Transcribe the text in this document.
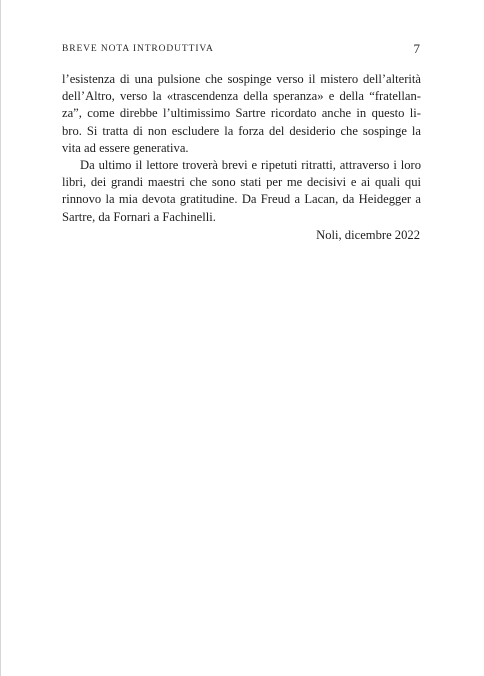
BREVE NOTA INTRODUTTIVA	7
l’esistenza di una pulsione che sospinge verso il mistero dell’alterità
dell’Altro, verso la «trascendenza della speranza» e della “fratellan-
za”, come direbbe l’ultimissimo Sartre ricordato anche in questo li-
bro. Si tratta di non escludere la forza del desiderio che sospinge la
vita ad essere generativa.
Da ultimo il lettore troverà brevi e ripetuti ritratti, attraverso i loro
libri, dei grandi maestri che sono stati per me decisivi e ai quali qui
rinnovo la mia devota gratitudine. Da Freud a Lacan, da Heidegger a
Sartre, da Fornari a Fachinelli.
Noli, dicembre 2022
